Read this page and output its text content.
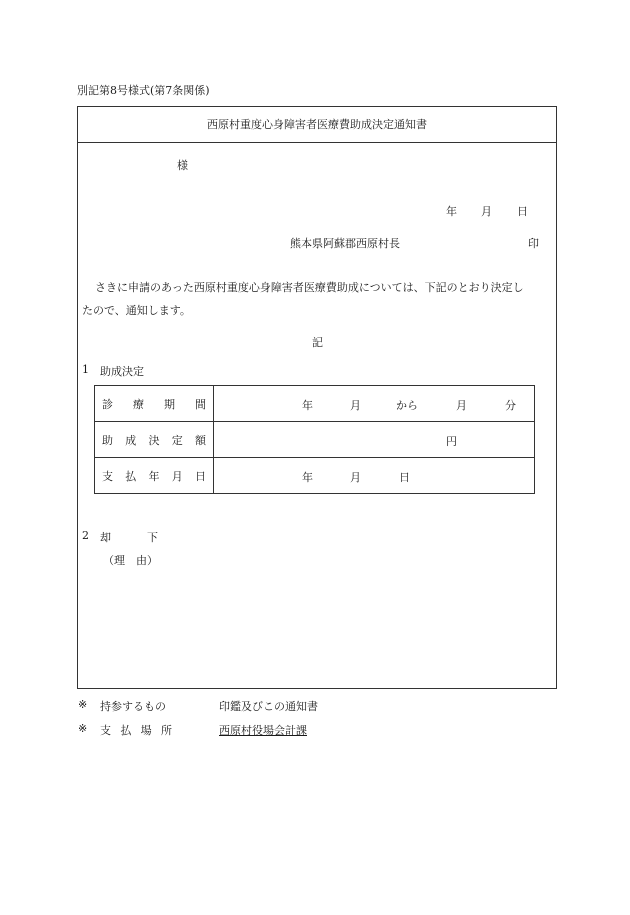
別記第8号様式(第7条関係)
西原村重度心身障害者医療費助成決定通知書
様
年 月 日
熊本県阿蘇郡西原村長	印
さきに申請のあった西原村重度心身障害者医療費助成については、下記のとおり決定し
たので、通知します。
記
1 助成決定
診 療 期 間	年 月 から 月 分

助 成 決 定 額	円

支 払 年 月 日	年 月 日
2 却	下
（理　由）
※ 持参するもの	印鑑及びこの通知書
※ 支 払 場 所	西原村役場会計課
